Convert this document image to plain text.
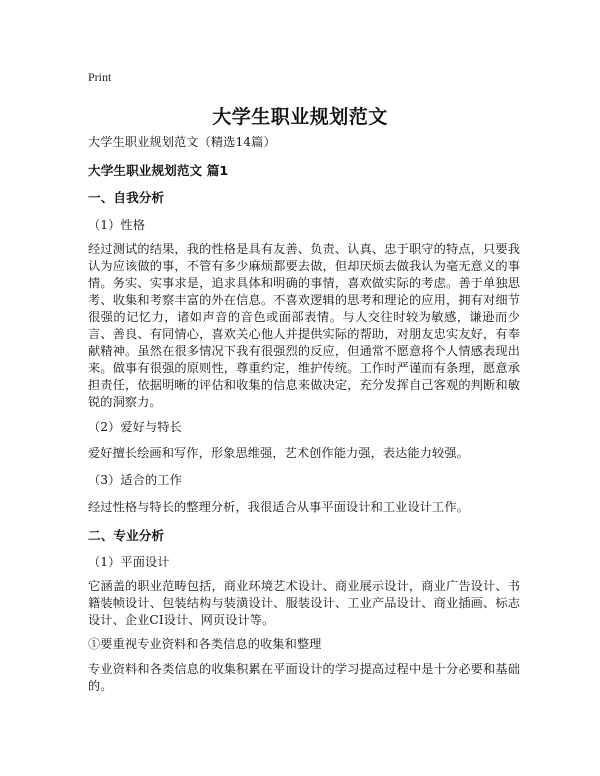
Print
大学生职业规划范文
大学生职业规划范文（精选14篇）
大学生职业规划范文 篇1
一、自我分析
（1）性格
经过测试的结果，我的性格是具有友善、负责、认真、忠于职守的特点，只要我认为应该做的事，不管有多少麻烦都要去做，但却厌烦去做我认为毫无意义的事情。务实、实事求是，追求具体和明确的事情，喜欢做实际的考虑。善于单独思考、收集和考察丰富的外在信息。不喜欢逻辑的思考和理论的应用，拥有对细节很强的记忆力，诸如声音的音色或面部表情。与人交往时较为敏感，谦逊而少言、善良、有同情心，喜欢关心他人并提供实际的帮助，对朋友忠实友好，有奉献精神。虽然在很多情况下我有很强烈的反应，但通常不愿意将个人情感表现出来。做事有很强的原则性，尊重约定，维护传统。工作时严谨而有条理，愿意承担责任，依据明晰的评估和收集的信息来做决定，充分发挥自己客观的判断和敏锐的洞察力。
（2）爱好与特长
爱好擅长绘画和写作，形象思维强，艺术创作能力强，表达能力较强。
（3）适合的工作
经过性格与特长的整理分析，我很适合从事平面设计和工业设计工作。
二、专业分析
（1）平面设计
它涵盖的职业范畴包括，商业环境艺术设计、商业展示设计，商业广告设计、书籍装帧设计、包装结构与装潢设计、服装设计、工业产品设计、商业插画、标志设计、企业CI设计、网页设计等。
①要重视专业资料和各类信息的收集和整理
专业资料和各类信息的收集积累在平面设计的学习提高过程中是十分必要和基础的。
